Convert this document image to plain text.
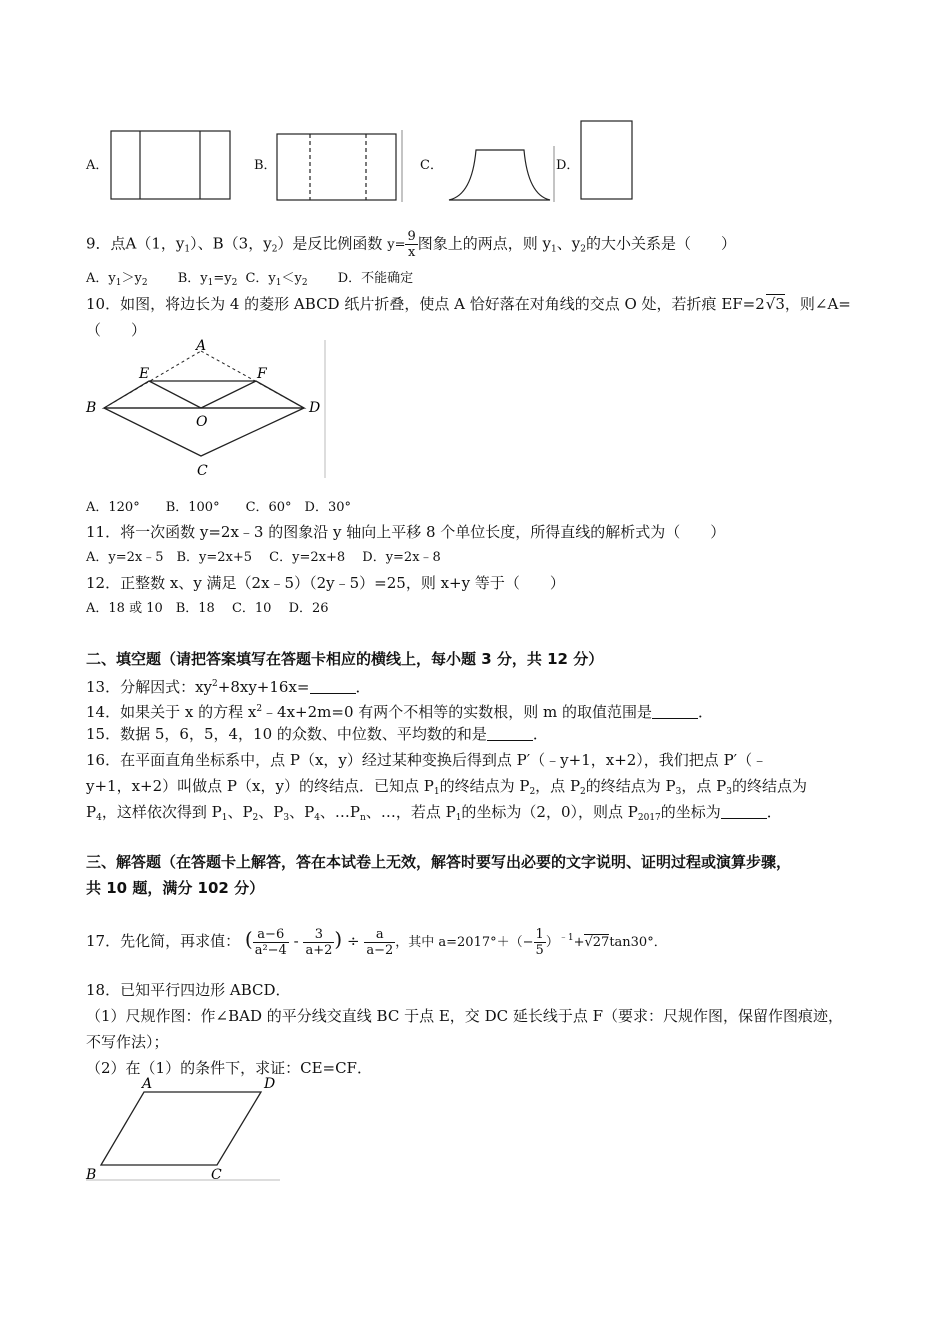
A．	B．	C．	D．
9．点A（1，$y_1$）、B（3，$y_2$）是反比例函数 $y= \frac{9}{x}$ 图象上的两点，则 $y_1$、$y_2$的大小关系是（　　）
A．$y_1>y_2$ B．$y_1=y_2$ C．$y_1<y_2$ D．不能确定
10．如图，将边长为 4 的菱形 ABCD 纸片折叠，使点 A 恰好落在对角线的交点 O 处，若折痕 EF=2√3，则∠A=
（　　）
A
B
C
D
E	F
O
A．120°　　B．100°　　C．60°　D．30°
11．将一次函数 y=2x﹣3 的图象沿 y 轴向上平移 8 个单位长度，所得直线的解析式为（　　）
A．y=2x﹣5　B．y=2x+5　 C．y=2x+8　 D．y=2x﹣8
12．正整数 x、y 满足（2x﹣5）（2y﹣5）=25，则 x+y 等于（　　）
A．18 或 10　B．18　 C．10　 D．26
二、填空题（请把答案填写在答题卡相应的横线上，每小题 3 分，共 12 分）
13．分解因式：$xy^2+8xy+16x=$	．
14．如果关于 x 的方程 $x^2﹣4x+2m=0$ 有两个不相等的实数根，则 m 的取值范围是	．
15．数据 5，6，5，4，10 的众数、中位数、平均数的和是	．
16．在平面直角坐标系中，点 P（x，y）经过某种变换后得到点 P′（﹣y+1，x+2），我们把点 P′（﹣
y+1，x+2）叫做点 P（x，y）的终结点．已知点 $P_1$的终结点为 $P_2$，点 $P_2$的终结点为 $P_3$，点 $P_3$的终结点为
$P_4$，这样依次得到 $P_1$、$P_2$、$P_3$、$P_4$、$\dots P_n$、…，若点 $P_1$的坐标为（2，0），则点 $P_{2017}$的坐标为	．
三、解答题（在答题卡上解答，答在本试卷上无效，解答时要写出必要的文字说明、证明过程或演算步骤，
共 10 题，满分 102 分）
17．先化简，再求值： ( $\frac{a-6}{\text{a²−4}} - \frac{3}{a+2}$ ) ÷ $\frac{a}{a-2}$ ，其中 $a=2017^\circ+(- \frac{1}{5} )^{﹣1}+√27\tan 30^\circ$．
18．已知平行四边形 ABCD．
（1）尺规作图：作∠BAD 的平分线交直线 BC 于点 E，交 DC 延长线于点 F（要求：尺规作图，保留作图痕迹，
不写作法）；
（2）在（1）的条件下，求证：CE=CF．
A
B	C
D
